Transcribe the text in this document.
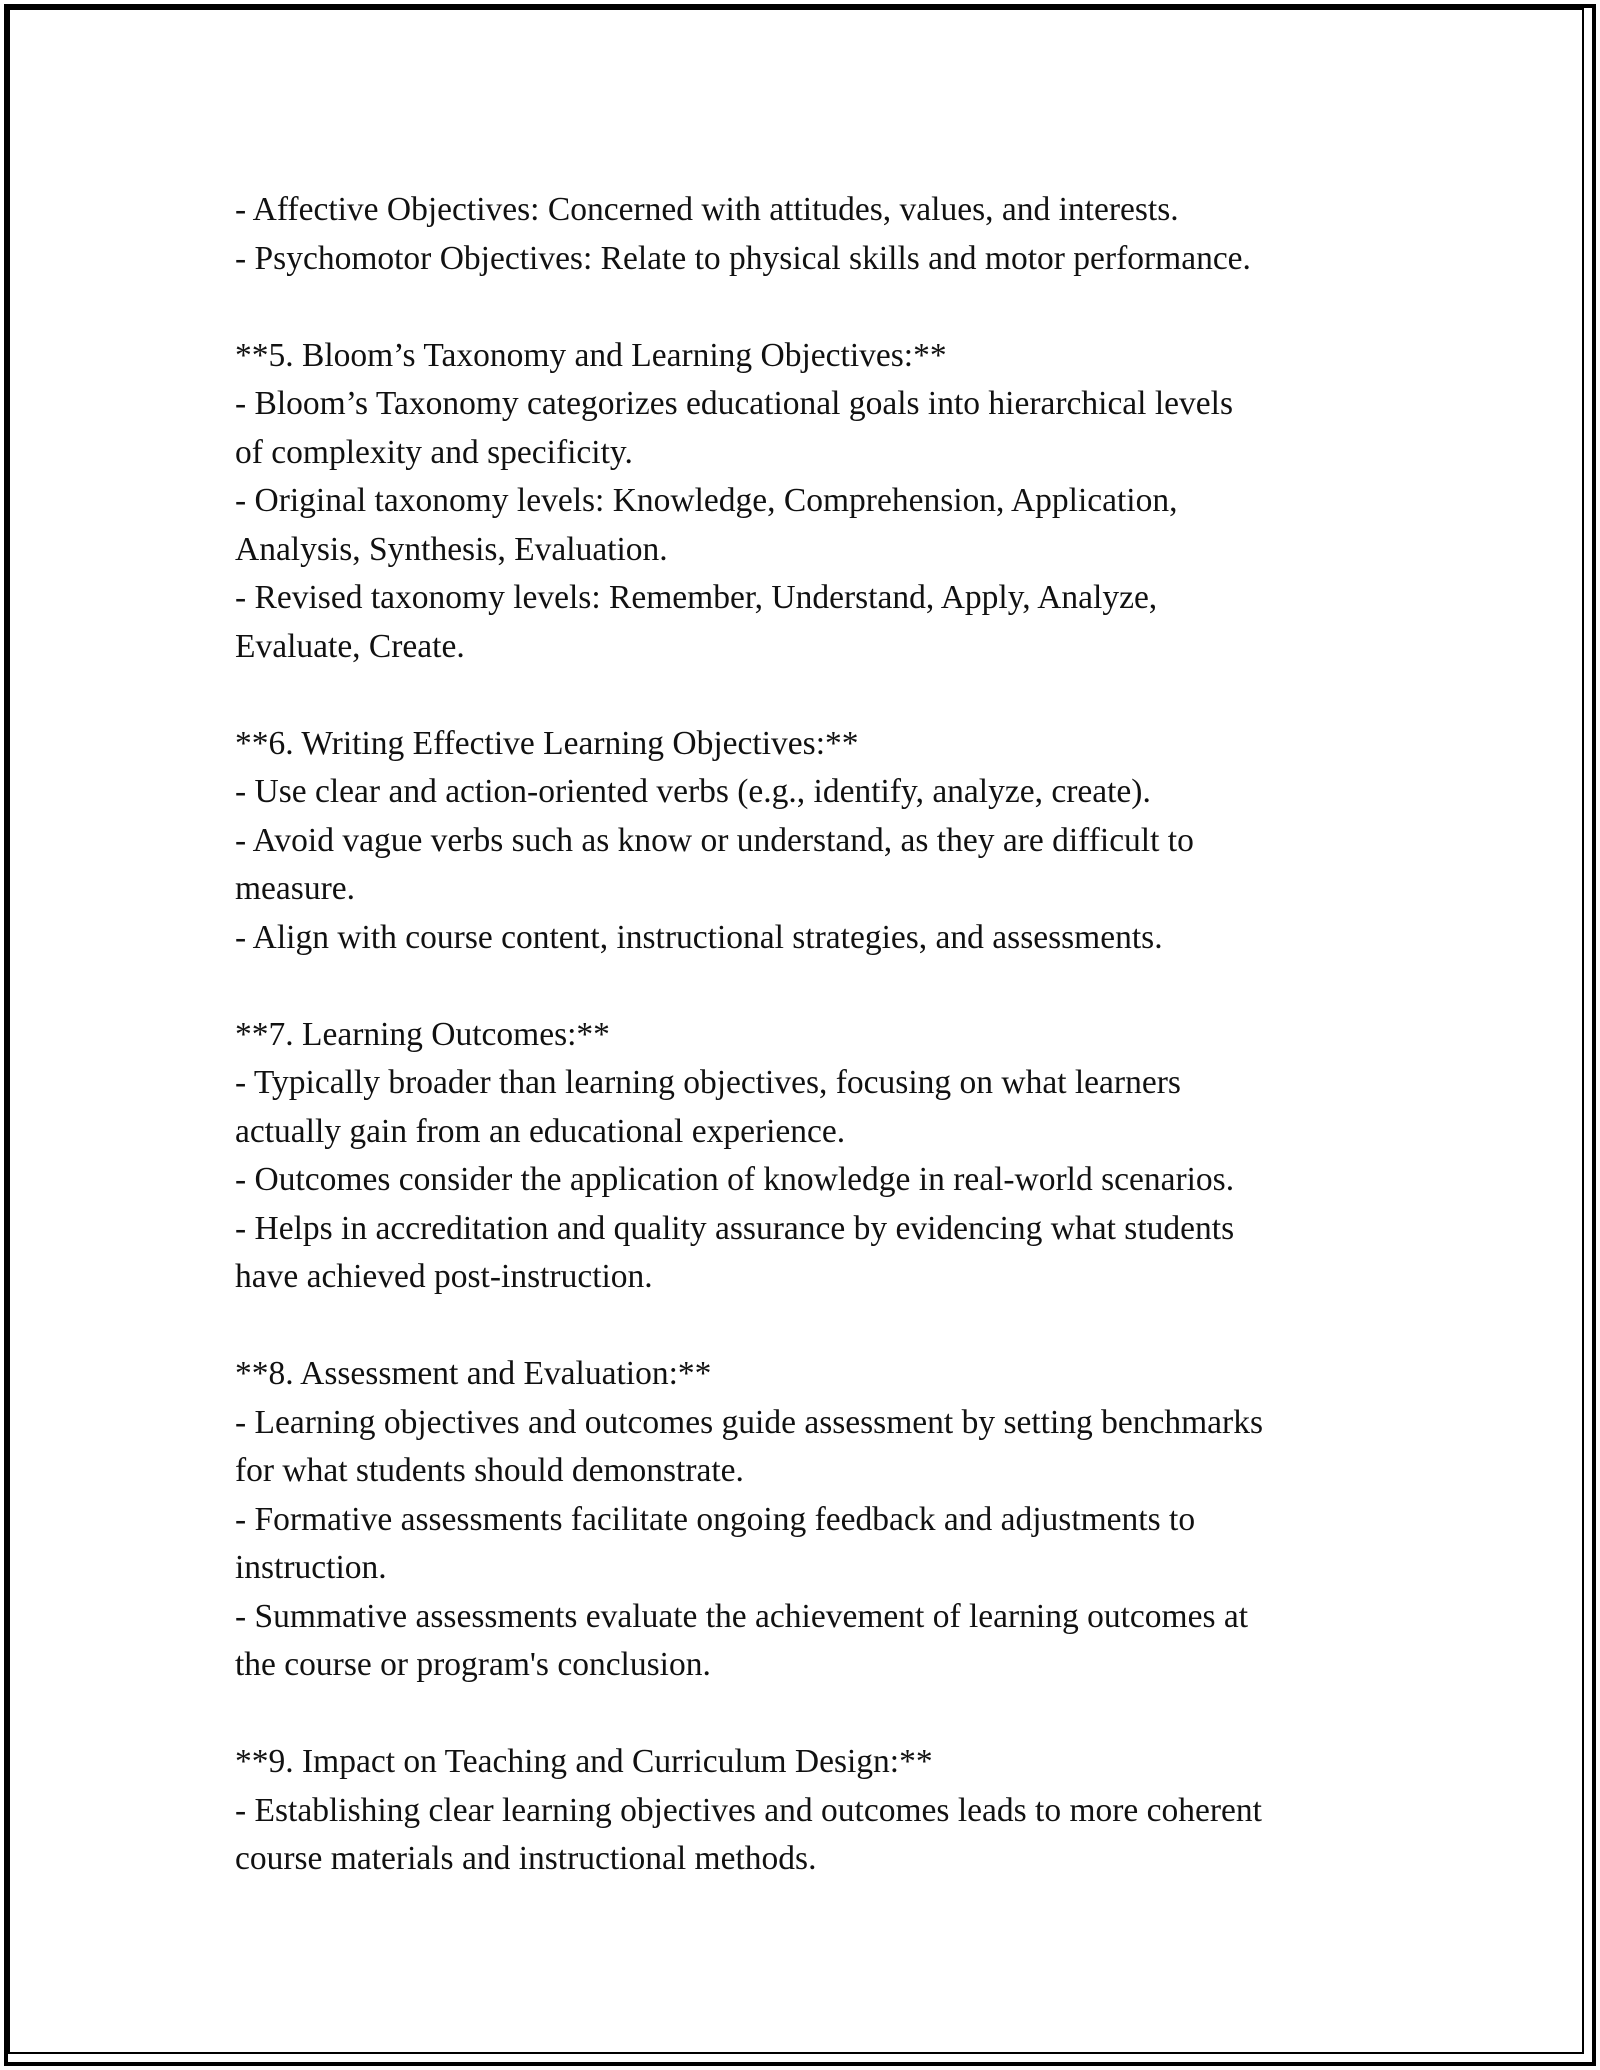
- Affective Objectives: Concerned with attitudes, values, and interests.
- Psychomotor Objectives: Relate to physical skills and motor performance.
**5. Bloom’s Taxonomy and Learning Objectives:**
- Bloom’s Taxonomy categorizes educational goals into hierarchical levels
of complexity and specificity.
- Original taxonomy levels: Knowledge, Comprehension, Application,
Analysis, Synthesis, Evaluation.
- Revised taxonomy levels: Remember, Understand, Apply, Analyze,
Evaluate, Create.
**6. Writing Effective Learning Objectives:**
- Use clear and action-oriented verbs (e.g., identify, analyze, create).
- Avoid vague verbs such as know or understand, as they are difficult to
measure.
- Align with course content, instructional strategies, and assessments.
**7. Learning Outcomes:**
- Typically broader than learning objectives, focusing on what learners
actually gain from an educational experience.
- Outcomes consider the application of knowledge in real-world scenarios.
- Helps in accreditation and quality assurance by evidencing what students
have achieved post-instruction.
**8. Assessment and Evaluation:**
- Learning objectives and outcomes guide assessment by setting benchmarks
for what students should demonstrate.
- Formative assessments facilitate ongoing feedback and adjustments to
instruction.
- Summative assessments evaluate the achievement of learning outcomes at
the course or program's conclusion.
**9. Impact on Teaching and Curriculum Design:**
- Establishing clear learning objectives and outcomes leads to more coherent
course materials and instructional methods.
